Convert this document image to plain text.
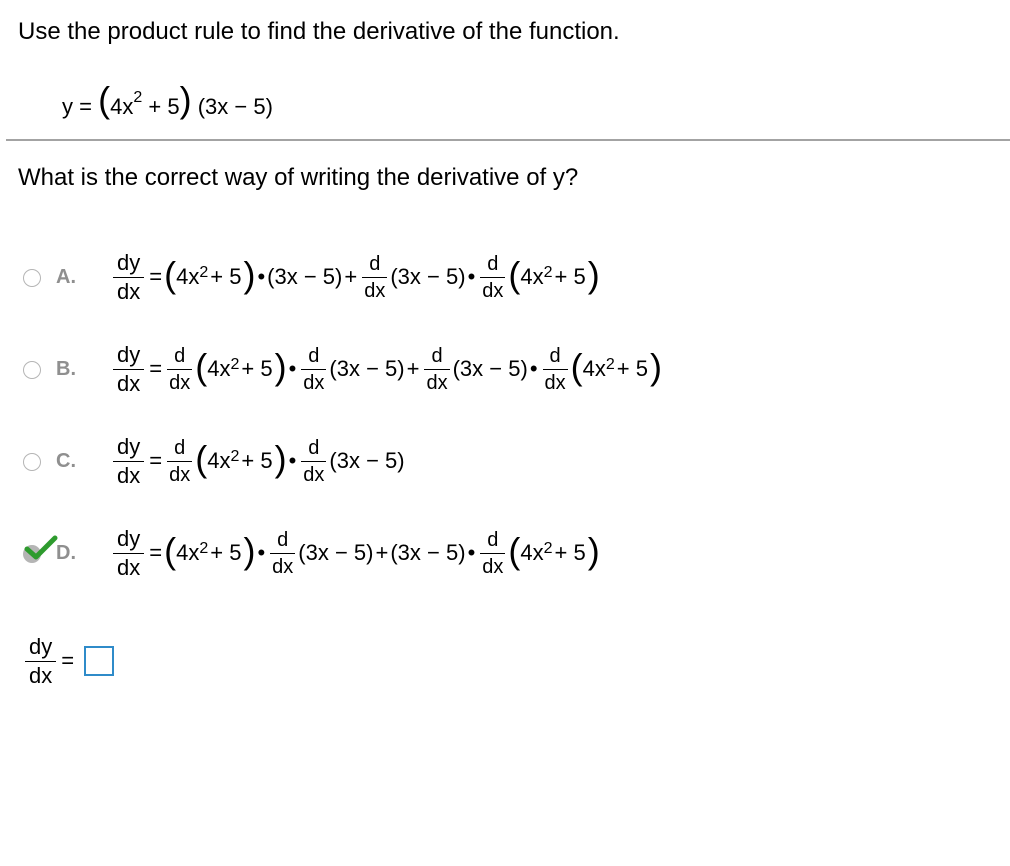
Use the product rule to find the derivative of the function.
$y = (4x^2 + 5) (3x - 5)$
What is the correct way of writing the derivative of y?
A. $\frac{dy}{dx}$ = ( $4x^2 + 5$ ) • $(3x - 5) + \frac{d}{dx} (3x - 5)$ • $\frac{d}{dx}$ ( $4x^2 + 5$ )
B. $\frac{dy}{dx} = \frac{d}{dx}$ ( $4x^2 + 5$ ) • $\frac{d}{dx} (3x - 5) + \frac{d}{dx} (3x - 5)$ • $\frac{d}{dx}$ ( $4x^2 + 5$ )
C. $\frac{dy}{dx} = \frac{d}{dx}$ ( $4x^2 + 5$ ) • $\frac{d}{dx} (3x - 5)$
D. $\frac{dy}{dx}$ = ( $4x^2 + 5$ ) • $\frac{d}{dx} (3x - 5) + (3x - 5)$ • $\frac{d}{dx}$ ( $4x^2 + 5$ )
$\frac{dy}{dx}$ =
